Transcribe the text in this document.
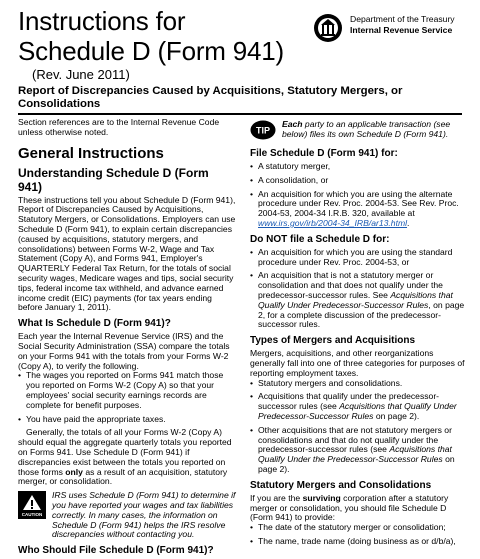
Instructions for
Schedule D (Form 941)
(Rev. June 2011)
Report of Discrepancies Caused by Acquisitions, Statutory Mergers, or Consolidations
Department of the Treasury
Internal Revenue Service

Section references are to the Internal Revenue Code unless otherwise noted.

General Instructions
Understanding Schedule D (Form 941)

These instructions tell you about Schedule D (Form 941), Report of Discrepancies Caused by Acquisitions, Statutory Mergers, or Consolidations. Employers can use Schedule D (Form 941), to explain certain discrepancies (caused by acquisitions, statutory mergers, and consolidations) between Forms W-2, Wage and Tax Statement (Copy A), and Forms 941, Employer's QUARTERLY Federal Tax Return, for the totals of social security wages, Medicare wages and tips, social security tips, federal income tax withheld, and advance earned income credit (EIC) payments (for tax years ending before January 1, 2011).

What Is Schedule D (Form 941)?

Each year the Internal Revenue Service (IRS) and the Social Security Administration (SSA) compare the totals on your Forms 941 with the totals from your Forms W-2 (Copy A), to verify the following.

• The wages you reported on Forms 941 match those you reported on Forms W-2 (Copy A) so that your employees' social security earnings records are complete for benefit purposes.

• You have paid the appropriate taxes.

Generally, the totals of all your Forms W-2 (Copy A) should equal the aggregate quarterly totals you reported on Forms 941. Use Schedule D (Form 941) if discrepancies exist between the totals you reported on those forms only as a result of an acquisition, statutory merger, or consolidation.

CAUTION
IRS uses Schedule D (Form 941) to determine if you have reported your wages and tax liabilities correctly. In many cases, the information on Schedule D (Form 941) helps the IRS resolve discrepancies without contacting you.
Who Should File Schedule D (Form 941)?
TIP
Each party to an applicable transaction (see below) files its own Schedule D (Form 941).
File Schedule D (Form 941) for:

• A statutory merger,

• A consolidation, or

• An acquisition for which you are using the alternate procedure under Rev. Proc. 2004-53. See Rev. Proc. 2004-53, 2004-34 I.R.B. 320, available at www.irs.gov/irb/2004-34_IRB/ar13.html.

Do NOT file a Schedule D for:

• An acquisition for which you are using the standard procedure under Rev. Proc. 2004-53, or

• An acquisition that is not a statutory merger or consolidation and that does not qualify under the predecessor-successor rules. See Acquisitions that Qualify Under Predecessor-Successor Rules, on page 2, for a complete discussion of the predecessor-successor rules.

Types of Mergers and Acquisitions

Mergers, acquisitions, and other reorganizations generally fall into one of three categories for purposes of reporting employment taxes.

• Statutory mergers and consolidations.

• Acquisitions that qualify under the predecessor-successor rules (see Acquisitions that Qualify Under Predecessor-Successor Rules on page 2).

• Other acquisitions that are not statutory mergers or consolidations and that do not qualify under the predecessor-successor rules (see Acquisitions that Qualify Under the Predecessor-Successor Rules on page 2).

Statutory Mergers and Consolidations

If you are the surviving corporation after a statutory merger or consolidation, you should file Schedule D (Form 941) to provide:

• The date of the statutory merger or consolidation;

• The name, trade name (doing business as or d/b/a),
